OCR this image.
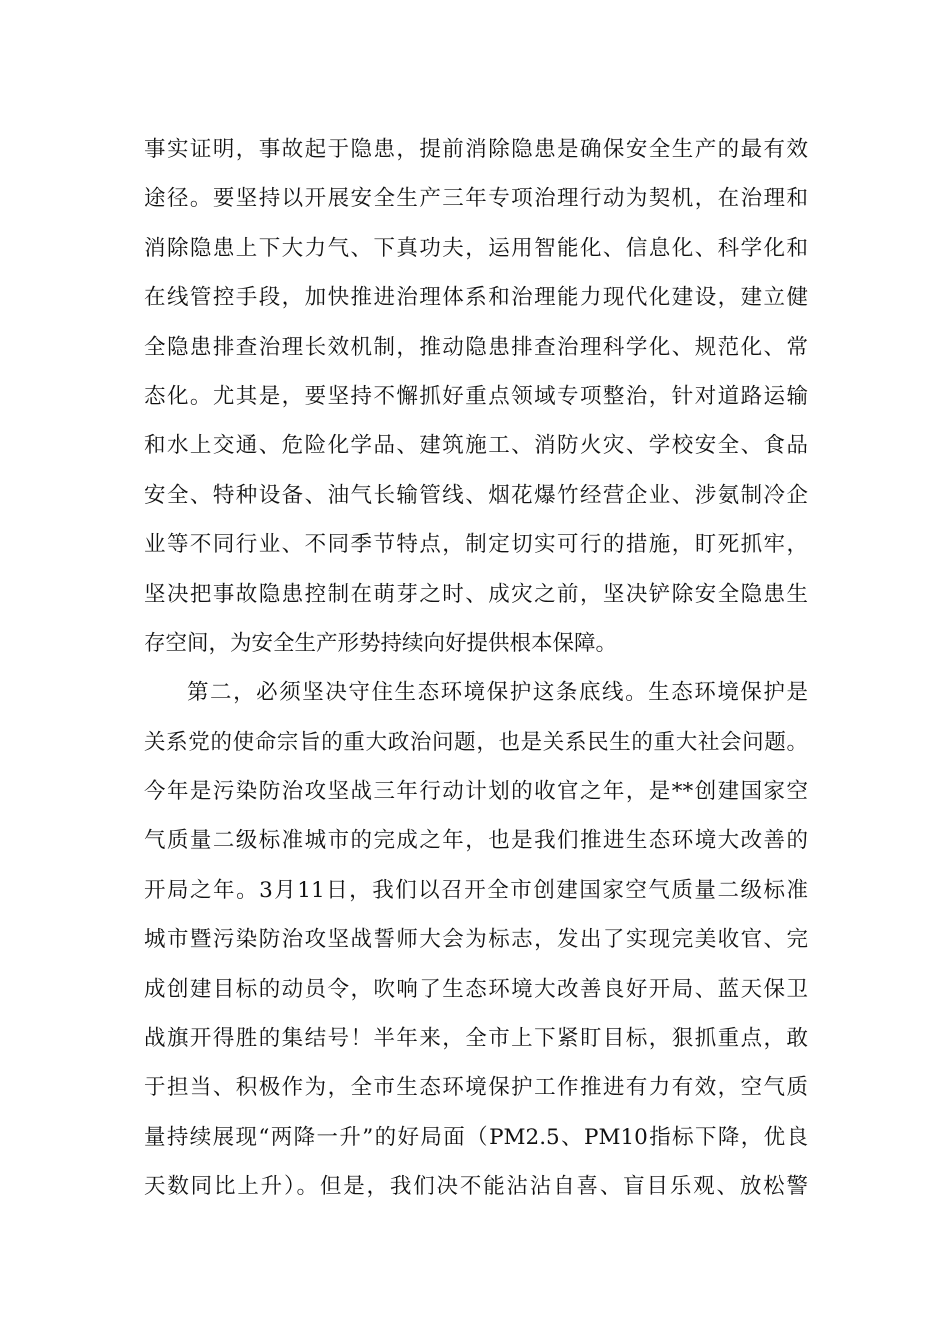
事实证明，事故起于隐患，提前消除隐患是确保安全生产的最有效
途径。要坚持以开展安全生产三年专项治理行动为契机，在治理和
消除隐患上下大力气、下真功夫，运用智能化、信息化、科学化和
在线管控手段，加快推进治理体系和治理能力现代化建设，建立健
全隐患排查治理长效机制，推动隐患排查治理科学化、规范化、常
态化。尤其是，要坚持不懈抓好重点领域专项整治，针对道路运输
和水上交通、危险化学品、建筑施工、消防火灾、学校安全、食品
安全、特种设备、油气长输管线、烟花爆竹经营企业、涉氨制冷企
业等不同行业、不同季节特点，制定切实可行的措施，盯死抓牢，
坚决把事故隐患控制在萌芽之时、成灾之前，坚决铲除安全隐患生
存空间，为安全生产形势持续向好提供根本保障。
第二，必须坚决守住生态环境保护这条底线。生态环境保护是
关系党的使命宗旨的重大政治问题，也是关系民生的重大社会问题。
今年是污染防治攻坚战三年行动计划的收官之年，是**创建国家空
气质量二级标准城市的完成之年，也是我们推进生态环境大改善的
开局之年。3月11日，我们以召开全市创建国家空气质量二级标准
城市暨污染防治攻坚战誓师大会为标志，发出了实现完美收官、完
成创建目标的动员令，吹响了生态环境大改善良好开局、蓝天保卫
战旗开得胜的集结号！半年来，全市上下紧盯目标，狠抓重点，敢
于担当、积极作为，全市生态环境保护工作推进有力有效，空气质
量持续展现“两降一升”的好局面（PM2.5、PM10指标下降，优良
天数同比上升）。但是，我们决不能沾沾自喜、盲目乐观、放松警
